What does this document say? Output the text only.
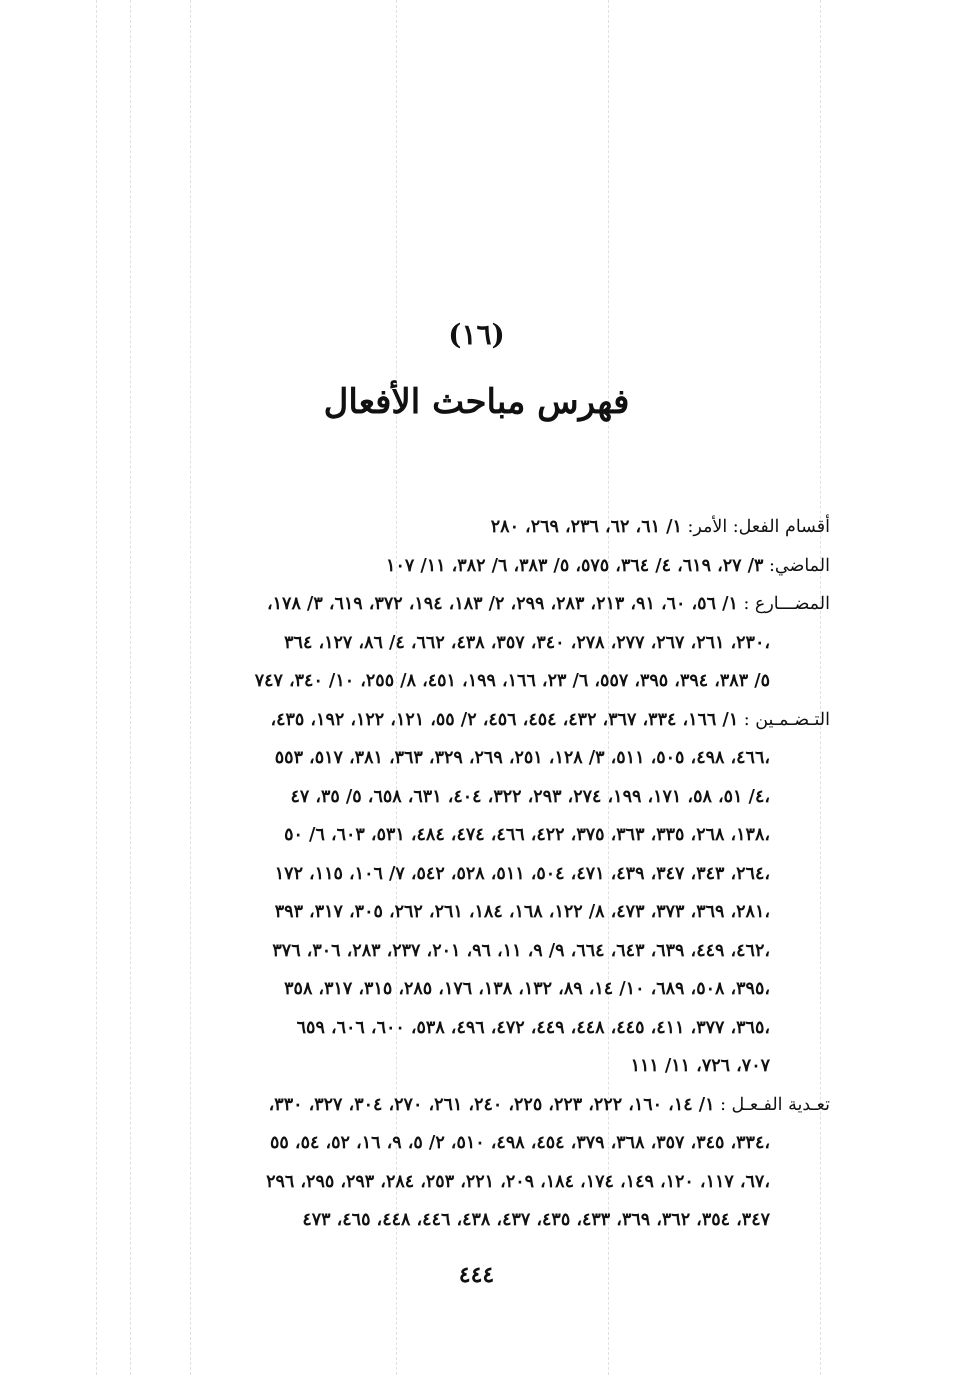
(١٦)
فهرس مباحث الأفعال
أقسام الفعل: الأمر: ١/ ٦١، ٦٢، ٢٣٦، ٢٦٩، ٢٨٠
الماضي: ٣/ ٢٧، ٦١٩، ٤/ ٣٦٤، ٥٧٥، ٥/ ٣٨٣، ٦/ ٣٨٢، ١١/ ١٠٧
المضـــارع : ١/ ٥٦، ٦٠، ٩١، ٢١٣، ٢٨٣، ٢٩٩، ٢/ ١٨٣، ١٩٤، ٣٧٢، ٦١٩، ٣/ ١٧٨،
٢٣٠، ٢٦١، ٢٦٧، ٢٧٧، ٢٧٨، ٣٤٠، ٣٥٧، ٤٣٨، ٦٦٢، ٤/ ٨٦، ١٢٧، ٣٦٤،
٥/ ٣٨٣، ٣٩٤، ٣٩٥، ٥٥٧، ٦/ ٢٣، ١٦٦، ١٩٩، ٤٥١، ٨/ ٢٥٥، ١٠/ ٣٤٠، ٧٤٧
التـضـمـين : ١/ ١٦٦، ٣٣٤، ٣٦٧، ٤٣٢، ٤٥٤، ٤٥٦، ٢/ ٥٥، ١٢١، ١٢٢، ١٩٢، ٤٣٥،
٤٦٦، ٤٩٨، ٥٠٥، ٥١١، ٣/ ١٢٨، ٢٥١، ٢٦٩، ٣٢٩، ٣٦٣، ٣٨١، ٥١٧، ٥٥٣،
٤/ ٥١، ٥٨، ١٧١، ١٩٩، ٢٧٤، ٢٩٣، ٣٢٢، ٤٠٤، ٦٣١، ٦٥٨، ٥/ ٣٥، ٤٧،
١٣٨، ٢٦٨، ٣٣٥، ٣٦٣، ٣٧٥، ٤٢٢، ٤٦٦، ٤٧٤، ٤٨٤، ٥٣١، ٦٠٣، ٦/ ٥٠،
٢٦٤، ٣٤٣، ٣٤٧، ٤٣٩، ٤٧١، ٥٠٤، ٥١١، ٥٢٨، ٥٤٢، ٧/ ١٠٦، ١١٥، ١٧٢،
٢٨١، ٣٦٩، ٣٧٣، ٤٧٣، ٨/ ١٢٢، ١٦٨، ١٨٤، ٢٦١، ٢٦٢، ٣٠٥، ٣١٧، ٣٩٣،
٤٦٢، ٤٤٩، ٦٣٩، ٦٤٣، ٦٦٤، ٩/ ٩، ١١، ٩٦، ٢٠١، ٢٣٧، ٢٨٣، ٣٠٦، ٣٧٦،
٣٩٥، ٥٠٨، ٦٨٩، ١٠/ ١٤، ٨٩، ١٣٢، ١٣٨، ١٧٦، ٢٨٥، ٣١٥، ٣١٧، ٣٥٨،
٣٦٥، ٣٧٧، ٤١١، ٤٤٥، ٤٤٨، ٤٤٩، ٤٧٢، ٤٩٦، ٥٣٨، ٦٠٠، ٦٠٦، ٦٥٩،
٧٠٧، ٧٢٦، ١١/ ١١١
تعـدية الفـعـل : ١/ ١٤، ١٦٠، ٢٢٢، ٢٢٣، ٢٢٥، ٢٤٠، ٢٦١، ٢٧٠، ٣٠٤، ٣٢٧، ٣٣٠،
٣٣٤، ٣٤٥، ٣٥٧، ٣٦٨، ٣٧٩، ٤٥٤، ٤٩٨، ٥١٠، ٢/ ٥، ٩، ١٦، ٥٢، ٥٤، ٥٥،
٦٧، ١١٧، ١٢٠، ١٤٩، ١٧٤، ١٨٤، ٢٠٩، ٢٢١، ٢٥٣، ٢٨٤، ٢٩٣، ٢٩٥، ٢٩٦،
٣٤٧، ٣٥٤، ٣٦٢، ٣٦٩، ٤٣٣، ٤٣٥، ٤٣٧، ٤٣٨، ٤٤٦، ٤٤٨، ٤٦٥، ٤٧٣
٤٤٤
